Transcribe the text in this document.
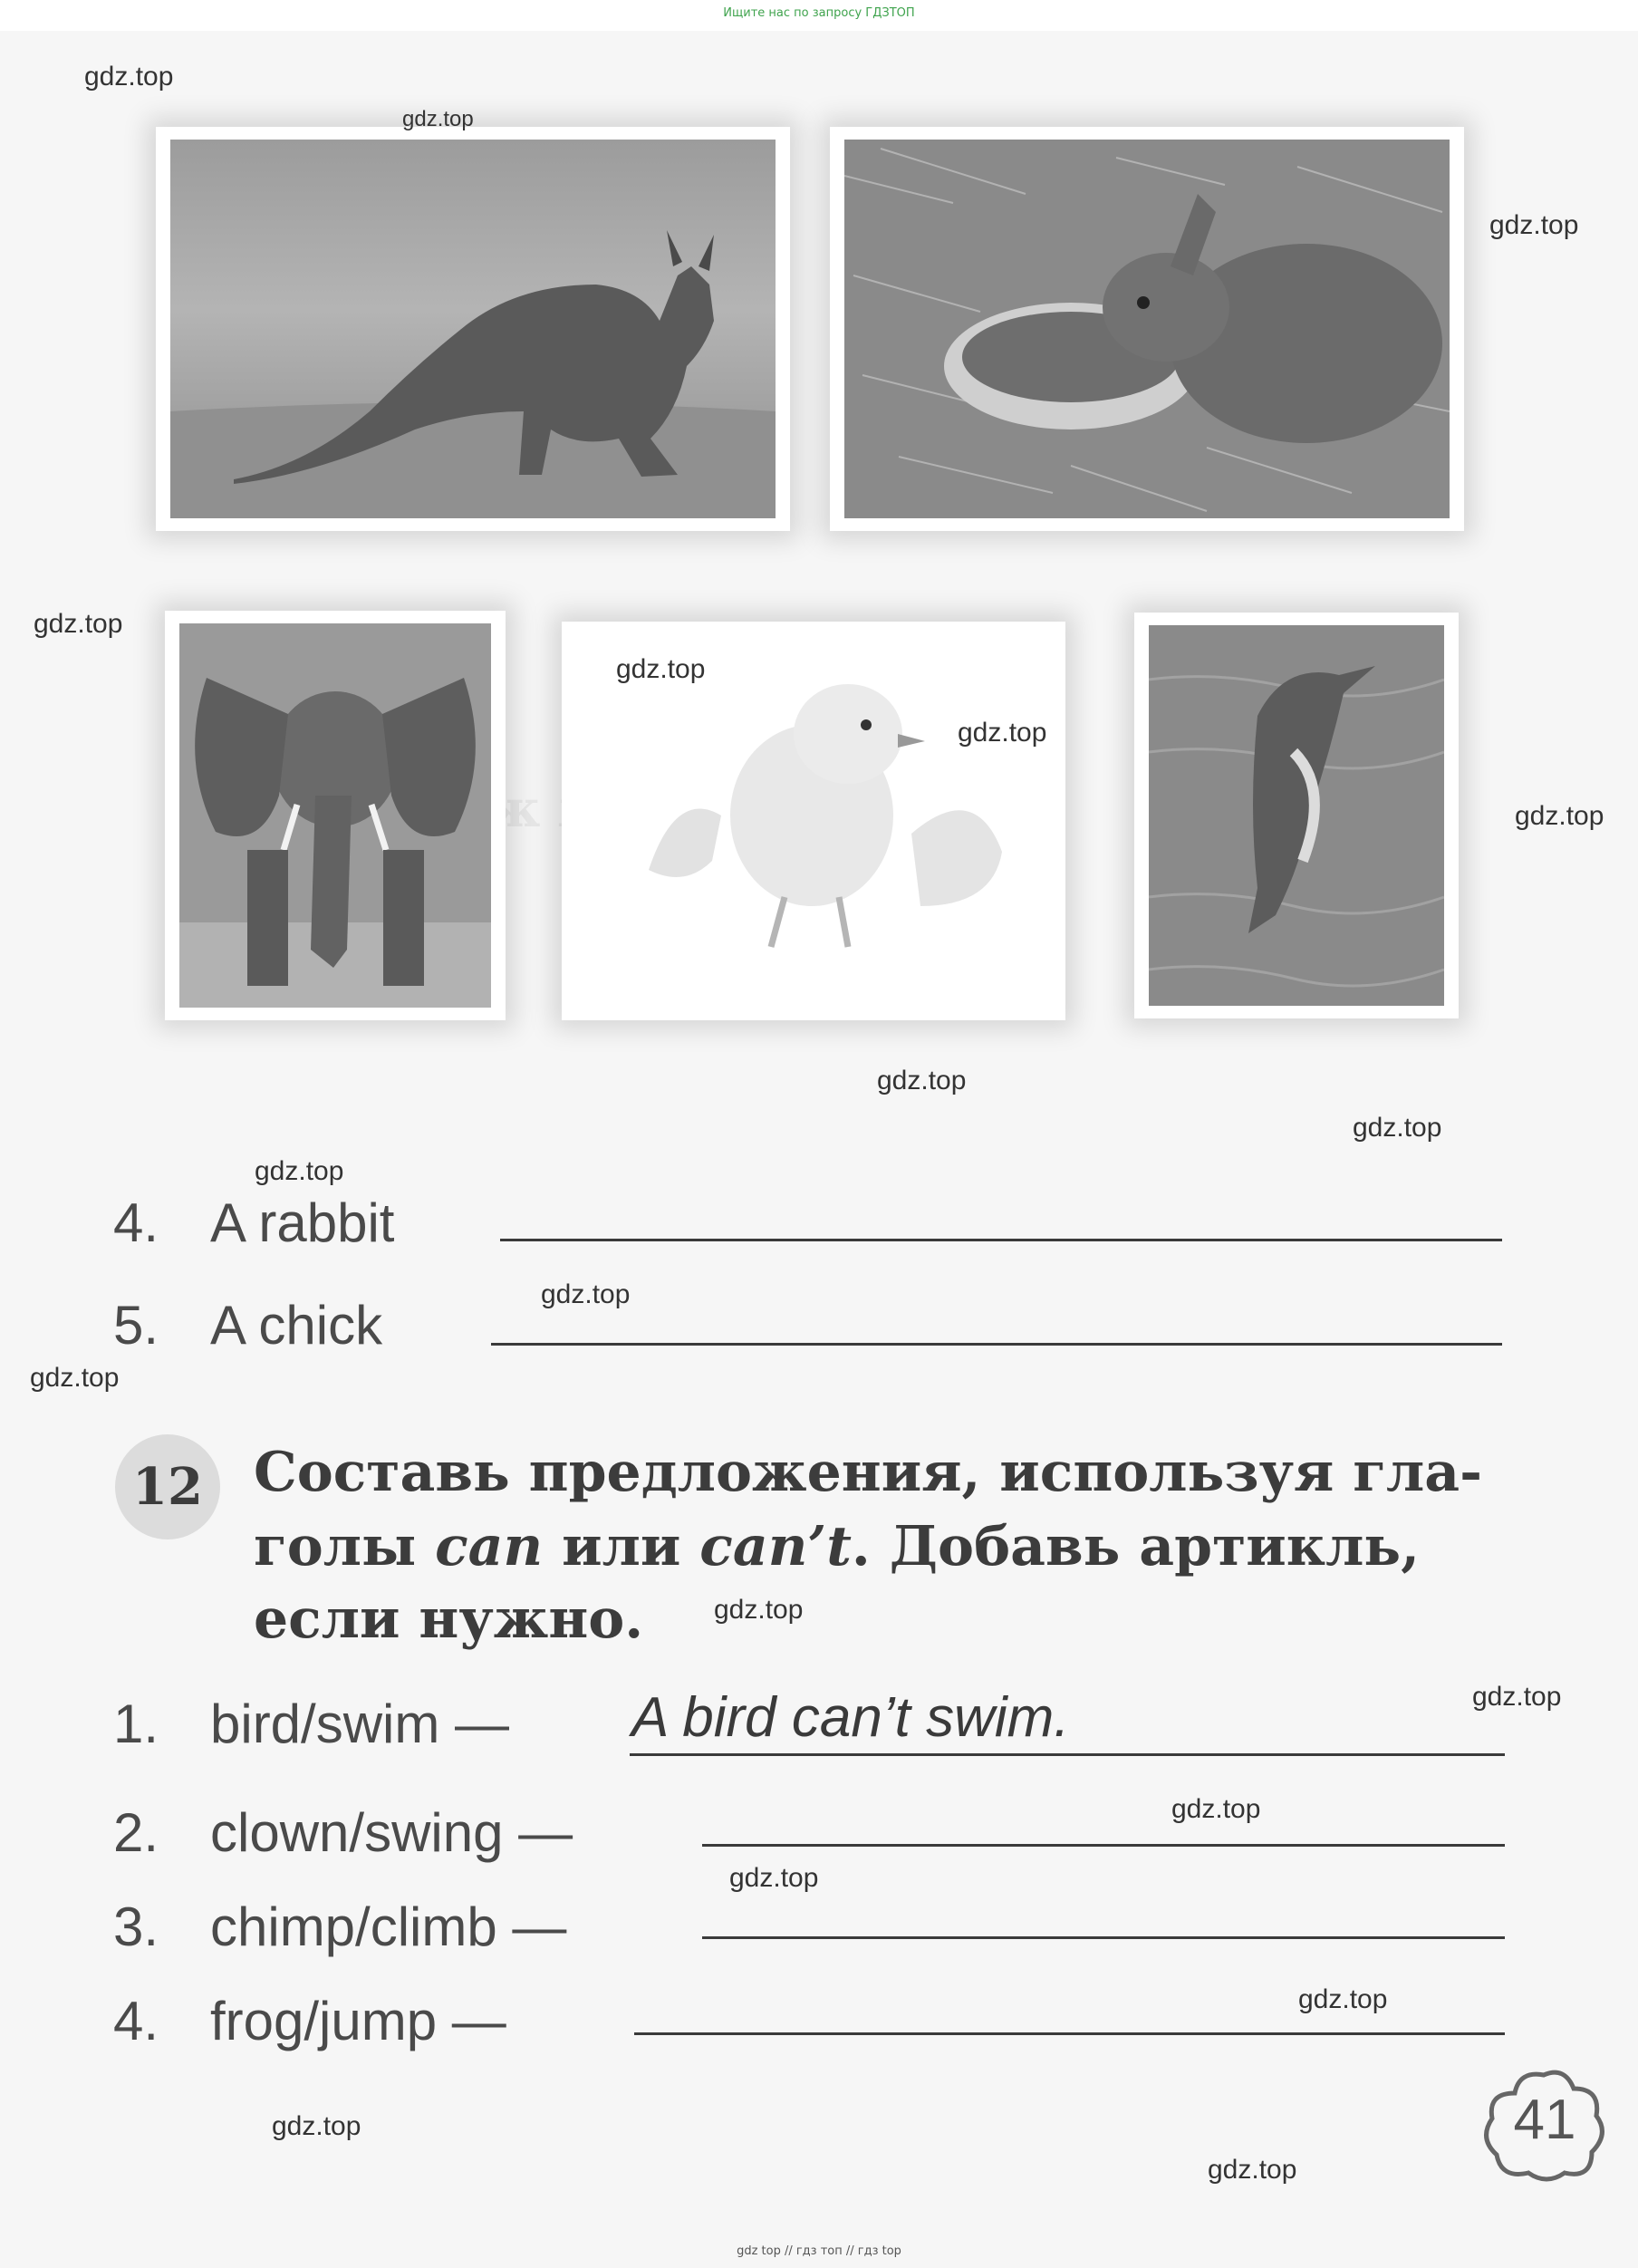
Ищите нас по запросу ГДЗТОП
ж
4. A rabbit
5. A chick
12 Составь предложения, используя гла-
голы can или can’t. Добавь артикль,
если нужно.
1. bird/swim — A bird can’t swim.
2. clown/swing —
3. chimp/climb —
4. frog/jump —
41
gdz.top
gdz.top
gdz.top
gdz.top
gdz.top
gdz.top
gdz.top
gdz.top
gdz.top
gdz.top
gdz.top
gdz.top
gdz.top
gdz.top
gdz.top
gdz.top
gdz.top
gdz.top
gdz.top
gdz top // гдз топ // гдз top
